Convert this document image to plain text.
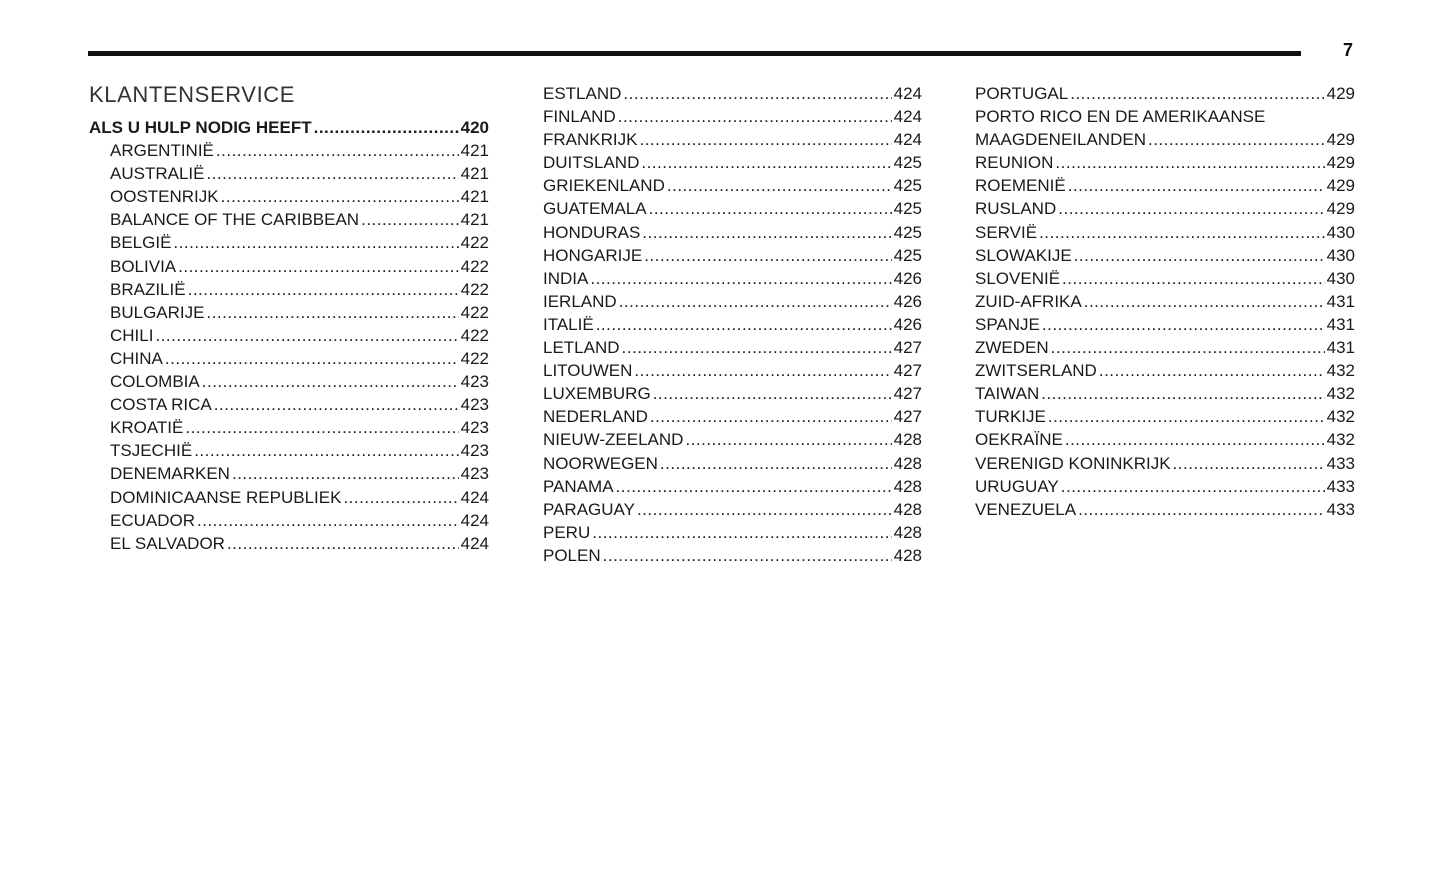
7
KLANTENSERVICE
ALS U HULP NODIG HEEFT .....	420
ARGENTINIË .....	421
AUSTRALIË .....	421
OOSTENRIJK .....	421
BALANCE OF THE CARIBBEAN .....	421
BELGIË .....	422
BOLIVIA .....	422
BRAZILIË .....	422
BULGARIJE .....	422
CHILI .....	422
CHINA .....	422
COLOMBIA .....	423
COSTA RICA .....	423
KROATIË .....	423
TSJECHIË .....	423
DENEMARKEN .....	423
DOMINICAANSE REPUBLIEK .....	424
ECUADOR .....	424
EL SALVADOR .....	424
ESTLAND .....	424
FINLAND .....	424
FRANKRIJK .....	424
DUITSLAND .....	425
GRIEKENLAND .....	425
GUATEMALA .....	425
HONDURAS .....	425
HONGARIJE .....	425
INDIA .....	426
IERLAND .....	426
ITALIË .....	426
LETLAND .....	427
LITOUWEN .....	427
LUXEMBURG .....	427
NEDERLAND .....	427
NIEUW-ZEELAND .....	428
NOORWEGEN .....	428
PANAMA .....	428
PARAGUAY .....	428
PERU .....	428
POLEN .....	428
PORTUGAL .....	429
PORTO RICO EN DE AMERIKAANSE
MAAGDENEILANDEN .....	429
REUNION .....	429
ROEMENIË .....	429
RUSLAND .....	429
SERVIË .....	430
SLOWAKIJE .....	430
SLOVENIË .....	430
ZUID-AFRIKA .....	431
SPANJE .....	431
ZWEDEN .....	431
ZWITSERLAND .....	432
TAIWAN .....	432
TURKIJE .....	432
OEKRAÏNE .....	432
VERENIGD KONINKRIJK .....	433
URUGUAY .....	433
VENEZUELA .....	433
